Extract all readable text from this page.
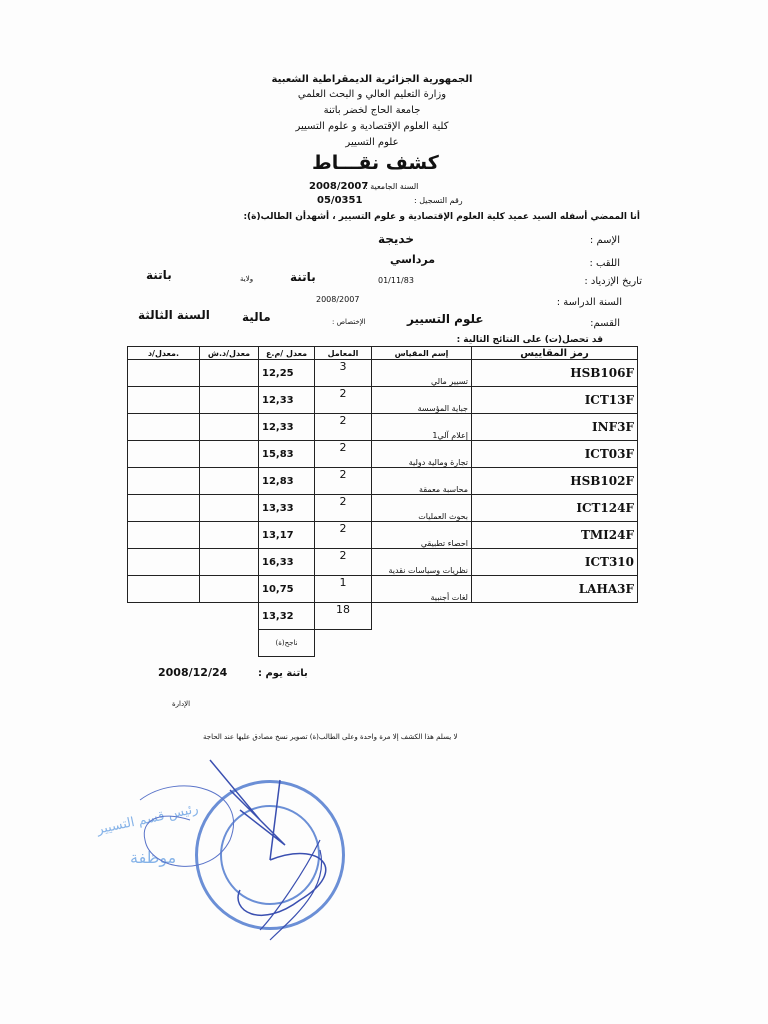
الجمهورية الجزائرية الديمقراطية الشعبية
وزارة التعليم العالي و البحث العلمي
جامعة الحاج لخضر باتنة
كلية العلوم الإقتصادية و علوم التسيير
علوم التسيير
كشف نقـــاط
السنة الجامعية :
2008/2007
رقم التسجيل :
05/0351
أنا الممضي أسفله السيد عميد كلية العلوم الإقتصادية و علوم التسيير ، أشهدأن الطالب(ة):
الإسم :
خديجة
اللقب :
مرداسي
تاريخ الإزدياد :
01/11/83
باتنة
ولاية
باتنة
السنة الدراسة :
2008/2007
القسم:
علوم التسيير
الإختصاص :
مالية
السنة الثالثة
قد تحصل(ت) على النتائج التالية :
معدل/د.	معدل/د.ش	معدل /م.ع	المعامل	إسم المقياس	رمز المقاييس
		12,25	3	تسيير مالي	HSB106F
		12,33	2	جباية المؤسسة	ICT13F
		12,33	2	إعلام آلي1	INF3F
		15,83	2	تجارة ومالية دولية	ICT03F
		12,83	2	محاسبة معمقة	HSB102F
		13,33	2	بحوث العمليات	ICT124F
		13,17	2	احصاء تطبيقي	TMI24F
		16,33	2	نظريات وسياسات نقدية	ICT310
		10,75	1	لغات أجنبية	LAHA3F
		13,32	18		
		ناجح(ة)			
باتنة يوم :
2008/12/24
الإدارة
لا يسلم هذا الكشف إلا مرة واحدة وعلى الطالب(ة) تصوير نسخ مصادق عليها عند الحاجة
رئيس قسم التسيير
موظفة
